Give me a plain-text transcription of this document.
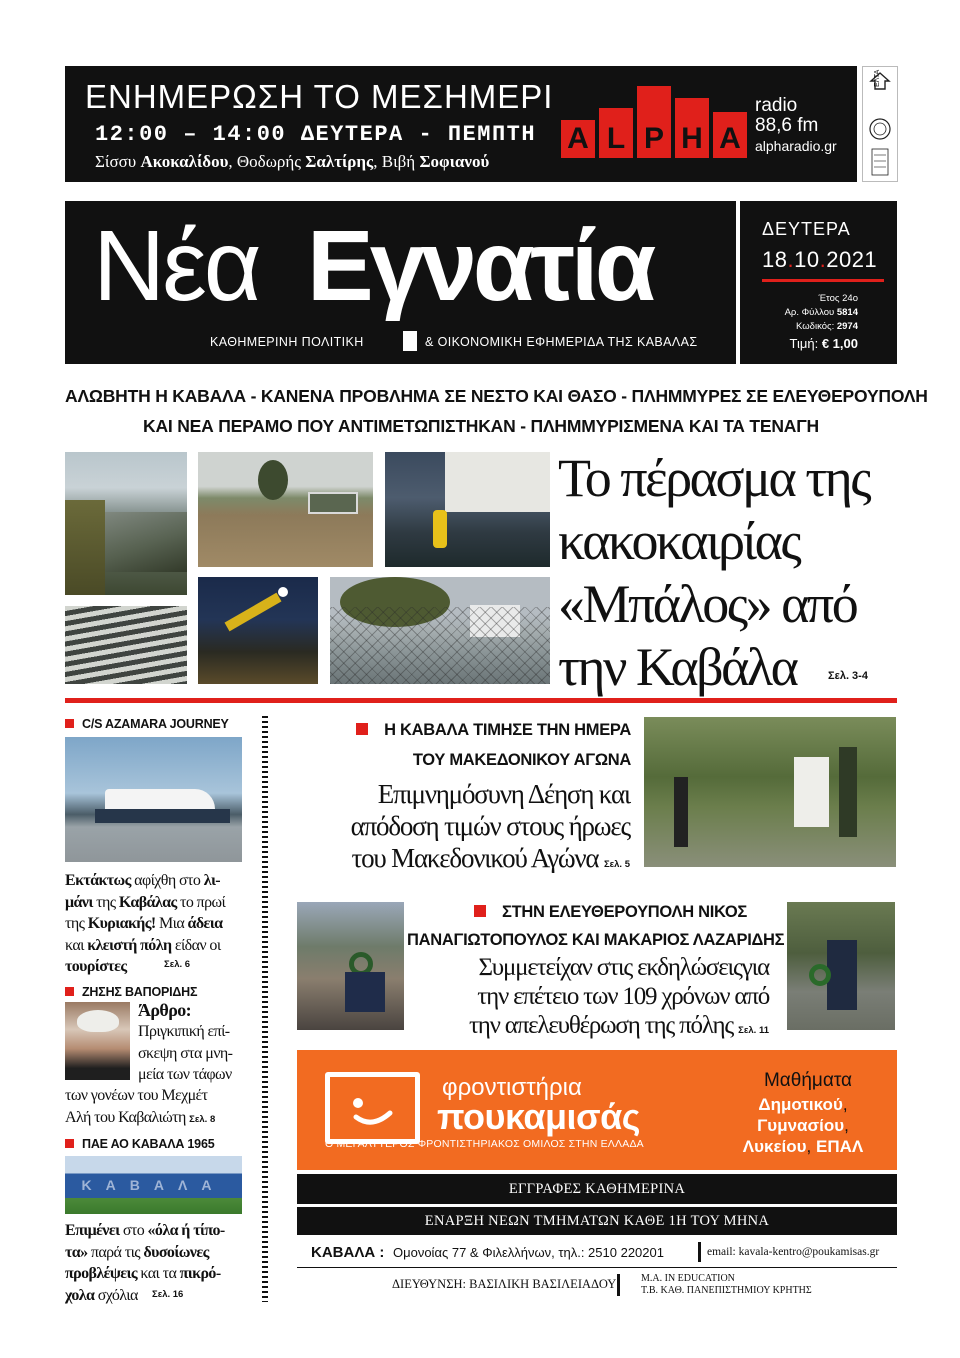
ΕΝΗΜΕΡΩΣΗ ΤΟ ΜΕΣΗΜΕΡΙ
12:00 – 14:00 ΔΕΥΤΕΡΑ - ΠΕΜΠΤΗ
Σίσσυ Ακοκαλίδου, Θοδωρής Σαλτίρης, Βιβή Σοφιανού
A L P H A
radio
88,6 fm
alpharadio.gr
ΕΛΤΑ
Νέα Εγνατία
ΚΑΘΗΜΕΡΙΝΗ ΠΟΛΙΤΙΚΗ	& ΟΙΚΟΝΟΜΙΚΗ ΕΦΗΜΕΡΙΔΑ ΤΗΣ ΚΑΒΑΛΑΣ
ΔΕΥΤΕΡΑ
18.10.2021
Έτος 24ο
Αρ. Φύλλου 5814
Κωδικός: 2974
Τιμή: € 1,00
ΑΛΩΒΗΤΗ Η ΚΑΒΑΛΑ - ΚΑΝΕΝΑ ΠΡΟΒΛΗΜΑ ΣΕ ΝΕΣΤΟ ΚΑΙ ΘΑΣΟ - ΠΛΗΜΜΥΡΕΣ ΣΕ ΕΛΕΥΘΕΡΟΥΠΟΛΗ
ΚΑΙ ΝΕΑ ΠΕΡΑΜΟ ΠΟΥ ΑΝΤΙΜΕΤΩΠΙΣΤΗΚΑΝ - ΠΛΗΜΜΥΡΙΣΜΕΝΑ ΚΑΙ ΤΑ ΤΕΝΑΓΗ
Το πέρασμα της
κακοκαιρίας
«Μπάλος» από
την Καβάλα	Σελ. 3-4
C/S AZAMARA JOURNEY
Εκτάκτως αφίχθη στο λι-
μάνι της Καβάλας το πρωί
της Κυριακής! Μια άδεια
και κλειστή πόλη είδαν οι
τουρίστες	Σελ. 6
ΖΗΣΗΣ ΒΑΠΟΡΙΔΗΣ
Άρθρο:
Πριγκιπική επί-
σκεψη στα μνη-
μεία των τάφων
των γονέων του Μεχμέτ
Αλή του Καβαλιώτη Σελ. 8
ΠΑΕ ΑΟ ΚΑΒΑΛΑ 1965
ΚΑΒΑΛΑ
Επιμένει στο «όλα ή τίπο-
τα» παρά τις δυσοίωνες
προβλέψεις και τα πικρό-
χολα σχόλια	Σελ. 16
Η ΚΑΒΑΛΑ ΤΙΜΗΣΕ ΤΗΝ ΗΜΕΡΑ
ΤΟΥ ΜΑΚΕΔΟΝΙΚΟΥ ΑΓΩΝΑ
Επιμνημόσυνη Δέηση και
απόδοση τιμών στους ήρωες
του Μακεδονικού Αγώνα Σελ. 5
ΣΤΗΝ ΕΛΕΥΘΕΡΟΥΠΟΛΗ ΝΙΚΟΣ
ΠΑΝΑΓΙΩΤΟΠΟΥΛΟΣ ΚΑΙ ΜΑΚΑΡΙΟΣ ΛΑΖΑΡΙΔΗΣ
Συμμετείχαν στις εκδηλώσειςγια
την επέτειο των 109 χρόνων από
την απελευθέρωση της πόλης Σελ. 11
φροντιστήρια
πουκαμισάς
Ο ΜΕΓΑΛΥΤΕΡΟΣ ΦΡΟΝΤΙΣΤΗΡΙΑΚΟΣ ΟΜΙΛΟΣ ΣΤΗΝ ΕΛΛΑΔΑ
Μαθήματα
Δημοτικού,
Γυμνασίου,
Λυκείου, ΕΠΑΛ
ΕΓΓΡΑΦΕΣ ΚΑΘΗΜΕΡΙΝΑ
ΕΝΑΡΞΗ ΝΕΩΝ ΤΜΗΜΑΤΩΝ ΚΑΘΕ 1Η ΤΟΥ ΜΗΝΑ
ΚΑΒΑΛΑ : Ομονοίας 77 & Φιλελλήνων, τηλ.: 2510 220201	email: kavala-kentro@poukamisas.gr
ΔΙΕΥΘΥΝΣΗ: ΒΑΣΙΛΙΚΗ ΒΑΣΙΛΕΙΑΔΟΥ M.A. IN EDUCATION
Τ.Β. ΚΑΘ. ΠΑΝΕΠΙΣΤΗΜΙΟΥ ΚΡΗΤΗΣ
